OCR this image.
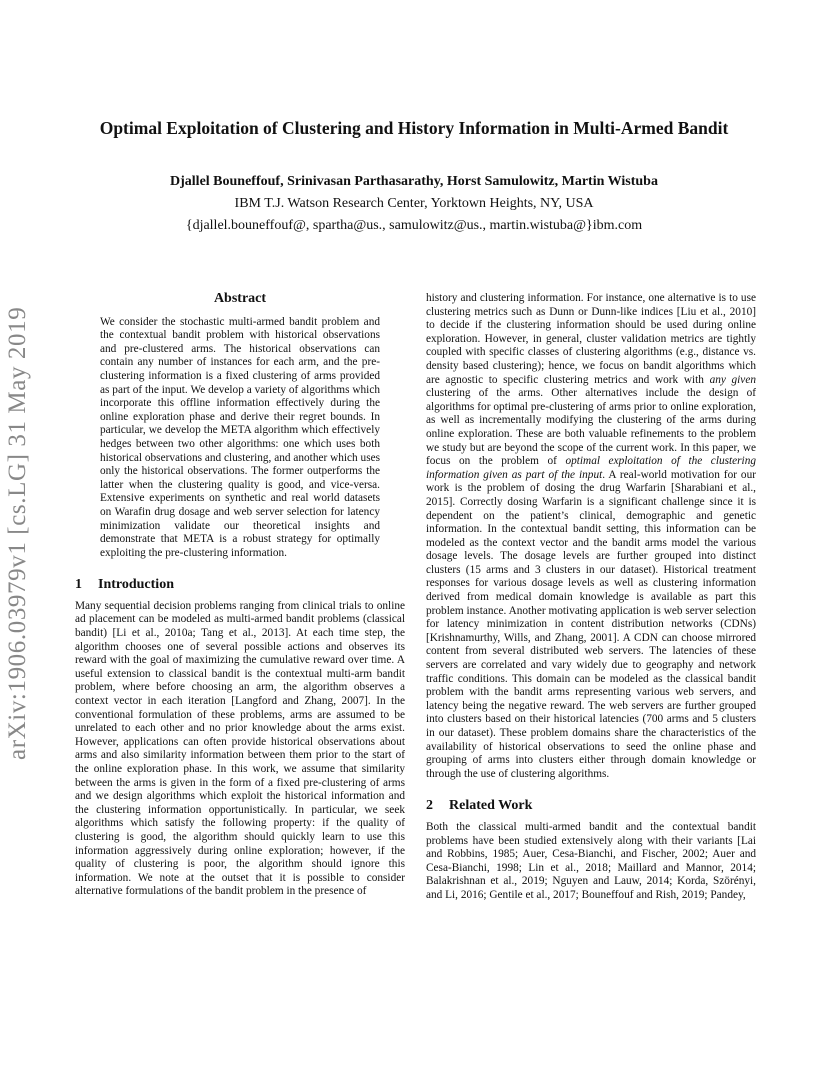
Optimal Exploitation of Clustering and History Information in Multi-Armed Bandit
Djallel Bouneffouf, Srinivasan Parthasarathy, Horst Samulowitz, Martin Wistuba
IBM T.J. Watson Research Center, Yorktown Heights, NY, USA
{djallel.bouneffouf@, spartha@us., samulowitz@us., martin.wistuba@}ibm.com
arXiv:1906.03979v1 [cs.LG] 31 May 2019
Abstract

We consider the stochastic multi-armed bandit problem and the contextual bandit problem with historical observations and pre-clustered arms. The historical observations can contain any number of instances for each arm, and the pre-clustering information is a fixed clustering of arms provided as part of the input. We develop a variety of algorithms which incorporate this offline information effectively during the online exploration phase and derive their regret bounds. In particular, we develop the META algorithm which effectively hedges between two other algorithms: one which uses both historical observations and clustering, and another which uses only the historical observations. The former outperforms the latter when the clustering quality is good, and vice-versa. Extensive experiments on synthetic and real world datasets on Warafin drug dosage and web server selection for latency minimization validate our theoretical insights and demonstrate that META is a robust strategy for optimally exploiting the pre-clustering information.

1 Introduction

Many sequential decision problems ranging from clinical trials to online ad placement can be modeled as multi-armed bandit problems (classical bandit) [Li et al., 2010a; Tang et al., 2013]. At each time step, the algorithm chooses one of several possible actions and observes its reward with the goal of maximizing the cumulative reward over time. A useful extension to classical bandit is the contextual multi-arm bandit problem, where before choosing an arm, the algorithm observes a context vector in each iteration [Langford and Zhang, 2007]. In the conventional formulation of these problems, arms are assumed to be unrelated to each other and no prior knowledge about the arms exist. However, applications can often provide historical observations about arms and also similarity information between them prior to the start of the online exploration phase. In this work, we assume that similarity between the arms is given in the form of a fixed pre-clustering of arms and we design algorithms which exploit the historical information and the clustering information opportunistically. In particular, we seek algorithms which satisfy the following property: if the quality of clustering is good, the algorithm should quickly learn to use this information aggressively during online exploration; however, if the quality of clustering is poor, the algorithm should ignore this information. We note at the outset that it is possible to consider alternative formulations of the bandit problem in the presence of

history and clustering information. For instance, one alternative is to use clustering metrics such as Dunn or Dunn-like indices [Liu et al., 2010] to decide if the clustering information should be used during online exploration. However, in general, cluster validation metrics are tightly coupled with specific classes of clustering algorithms (e.g., distance vs. density based clustering); hence, we focus on bandit algorithms which are agnostic to specific clustering metrics and work with any given clustering of the arms. Other alternatives include the design of algorithms for optimal pre-clustering of arms prior to online exploration, as well as incrementally modifying the clustering of the arms during online exploration. These are both valuable refinements to the problem we study but are beyond the scope of the current work. In this paper, we focus on the problem of optimal exploitation of the clustering information given as part of the input. A real-world motivation for our work is the problem of dosing the drug Warfarin [Sharabiani et al., 2015]. Correctly dosing Warfarin is a significant challenge since it is dependent on the patient’s clinical, demographic and genetic information. In the contextual bandit setting, this information can be modeled as the context vector and the bandit arms model the various dosage levels. The dosage levels are further grouped into distinct clusters (15 arms and 3 clusters in our dataset). Historical treatment responses for various dosage levels as well as clustering information derived from medical domain knowledge is available as part this problem instance. Another motivating application is web server selection for latency minimization in content distribution networks (CDNs) [Krishnamurthy, Wills, and Zhang, 2001]. A CDN can choose mirrored content from several distributed web servers. The latencies of these servers are correlated and vary widely due to geography and network traffic conditions. This domain can be modeled as the classical bandit problem with the bandit arms representing various web servers, and latency being the negative reward. The web servers are further grouped into clusters based on their historical latencies (700 arms and 5 clusters in our dataset). These problem domains share the characteristics of the availability of historical observations to seed the online phase and grouping of arms into clusters either through domain knowledge or through the use of clustering algorithms.

2 Related Work

Both the classical multi-armed bandit and the contextual bandit problems have been studied extensively along with their variants [Lai and Robbins, 1985; Auer, Cesa-Bianchi, and Fischer, 2002; Auer and Cesa-Bianchi, 1998; Lin et al., 2018; Maillard and Mannor, 2014; Balakrishnan et al., 2019; Nguyen and Lauw, 2014; Korda, Szörényi, and Li, 2016; Gentile et al., 2017; Bouneffouf and Rish, 2019; Pandey,
